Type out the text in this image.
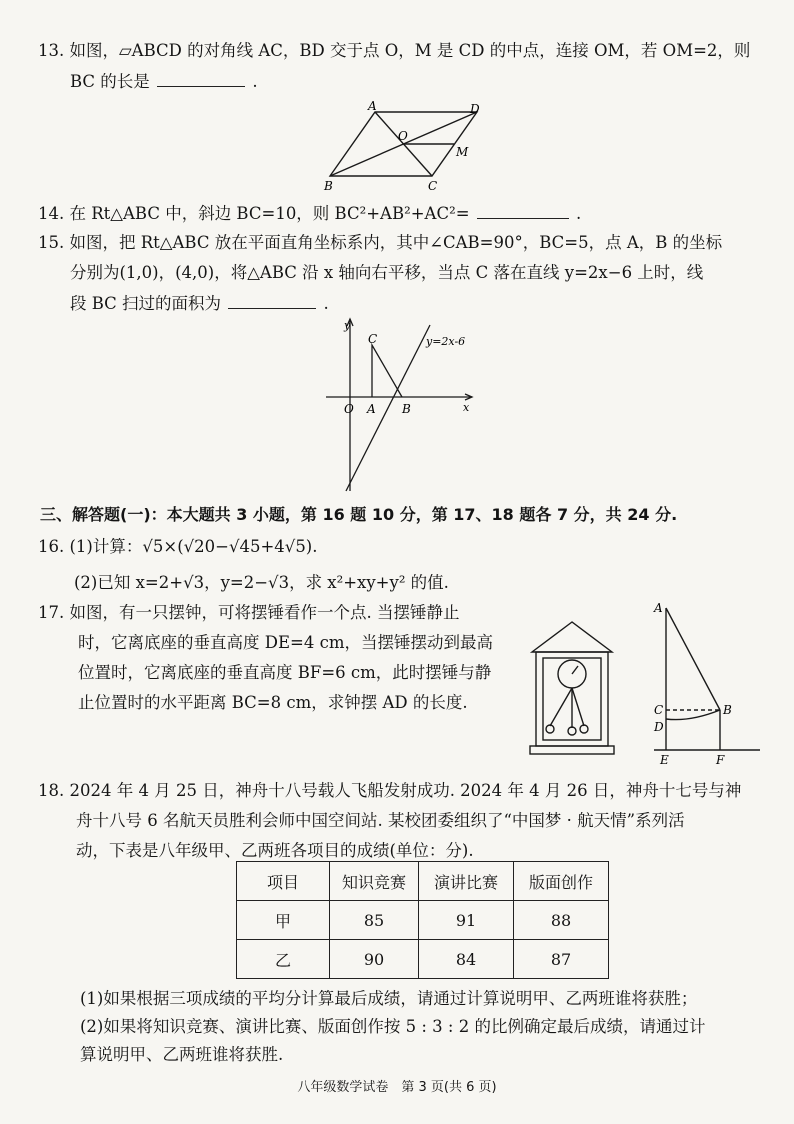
13. 如图，▱ABCD 的对角线 AC，BD 交于点 O，M 是 CD 的中点，连接 OM，若 OM=2，则
BC 的长是	.
A	D
O
M
B	C
14. 在 Rt△ABC 中，斜边 BC=10，则 BC²+AB²+AC²=	.
15. 如图，把 Rt△ABC 放在平面直角坐标系内，其中∠CAB=90°，BC=5，点 A，B 的坐标
分别为(1,0)，(4,0)，将△ABC 沿 x 轴向右平移，当点 C 落在直线 y=2x−6 上时，线
段 BC 扫过的面积为	.
y
x
C	y=2x-6
O A B
三、解答题(一)：本大题共 3 小题，第 16 题 10 分，第 17、18 题各 7 分，共 24 分.
16. (1)计算：√5×(√20−√45+4√5).
(2)已知 x=2+√3，y=2−√3，求 x²+xy+y² 的值.
17. 如图，有一只摆钟，可将摆锤看作一个点. 当摆锤静止
时，它离底座的垂直高度 DE=4 cm，当摆锤摆动到最高
位置时，它离底座的垂直高度 BF=6 cm，此时摆锤与静
止位置时的水平距离 BC=8 cm，求钟摆 AD 的长度.
A
B
C
D
E	F
18. 2024 年 4 月 25 日，神舟十八号载人飞船发射成功. 2024 年 4 月 26 日，神舟十七号与神
舟十八号 6 名航天员胜利会师中国空间站. 某校团委组织了“中国梦 · 航天情”系列活
动，下表是八年级甲、乙两班各项目的成绩(单位：分).
项目	知识竞赛	演讲比赛	版面创作
甲	85	91	88
乙	90	84	87
(1)如果根据三项成绩的平均分计算最后成绩，请通过计算说明甲、乙两班谁将获胜；
(2)如果将知识竞赛、演讲比赛、版面创作按 5 : 3 : 2 的比例确定最后成绩，请通过计
算说明甲、乙两班谁将获胜.
八年级数学试卷　第 3 页(共 6 页)
